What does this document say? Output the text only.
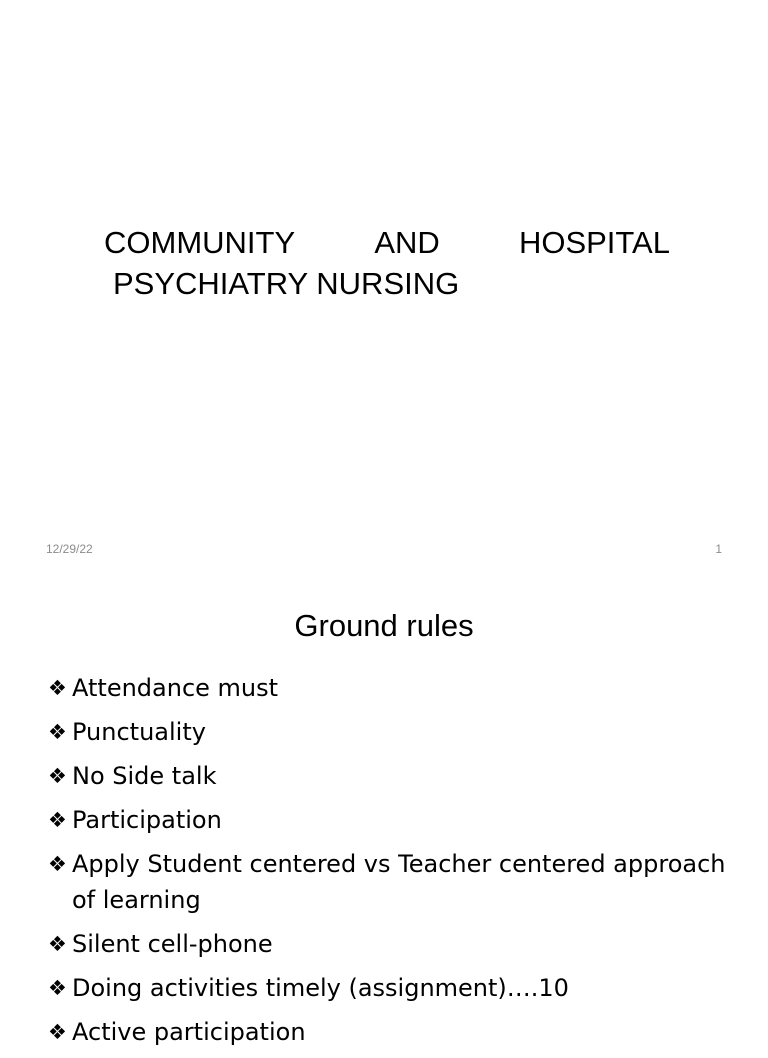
COMMUNITY	AND	HOSPITAL
PSYCHIATRY NURSING
12/29/22	1
Ground rules
❖ Attendance must
❖ Punctuality
❖ No Side talk
❖ Participation
❖ Apply Student centered vs Teacher centered approach of learning
❖ Silent cell-phone
❖ Doing activities timely (assignment)….10
❖ Active participation
